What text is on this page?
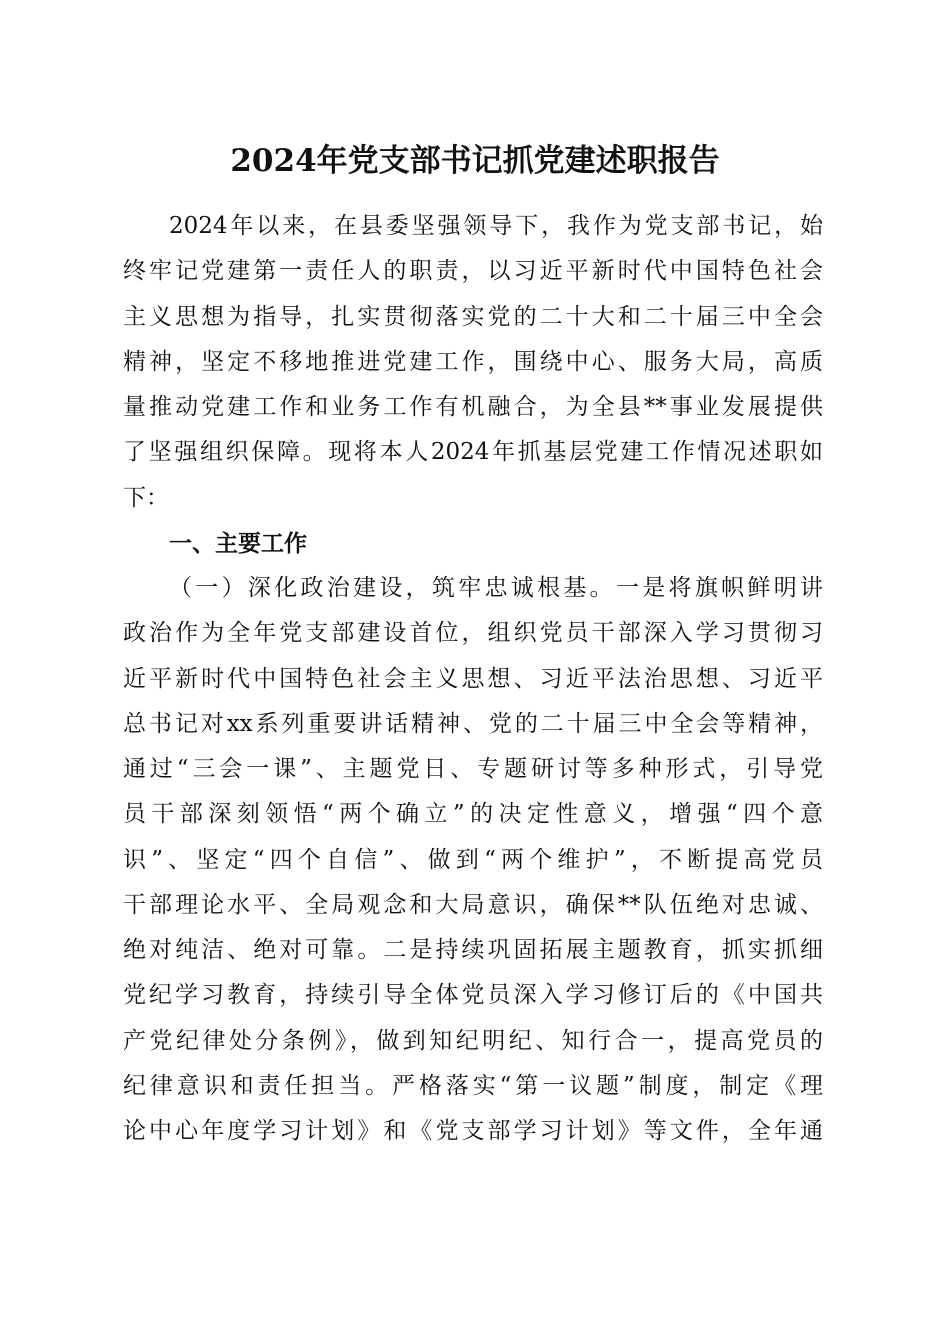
2024年党支部书记抓党建述职报告
2024年以来，在县委坚强领导下，我作为党支部书记，始
终牢记党建第一责任人的职责，以习近平新时代中国特色社会
主义思想为指导，扎实贯彻落实党的二十大和二十届三中全会
精神，坚定不移地推进党建工作，围绕中心、服务大局，高质
量推动党建工作和业务工作有机融合，为全县**事业发展提供
了坚强组织保障。现将本人2024年抓基层党建工作情况述职如
下：
一、主要工作
（一）深化政治建设，筑牢忠诚根基。一是将旗帜鲜明讲
政治作为全年党支部建设首位，组织党员干部深入学习贯彻习
近平新时代中国特色社会主义思想、习近平法治思想、习近平
总书记对xx系列重要讲话精神、党的二十届三中全会等精神，
通过“三会一课”、主题党日、专题研讨等多种形式，引导党
员干部深刻领悟“两个确立”的决定性意义，增强“四个意
识”、坚定“四个自信”、做到“两个维护”，不断提高党员
干部理论水平、全局观念和大局意识，确保**队伍绝对忠诚、
绝对纯洁、绝对可靠。二是持续巩固拓展主题教育，抓实抓细
党纪学习教育，持续引导全体党员深入学习修订后的《中国共
产党纪律处分条例》，做到知纪明纪、知行合一，提高党员的
纪律意识和责任担当。严格落实“第一议题”制度，制定《理
论中心年度学习计划》和《党支部学习计划》等文件，全年通
